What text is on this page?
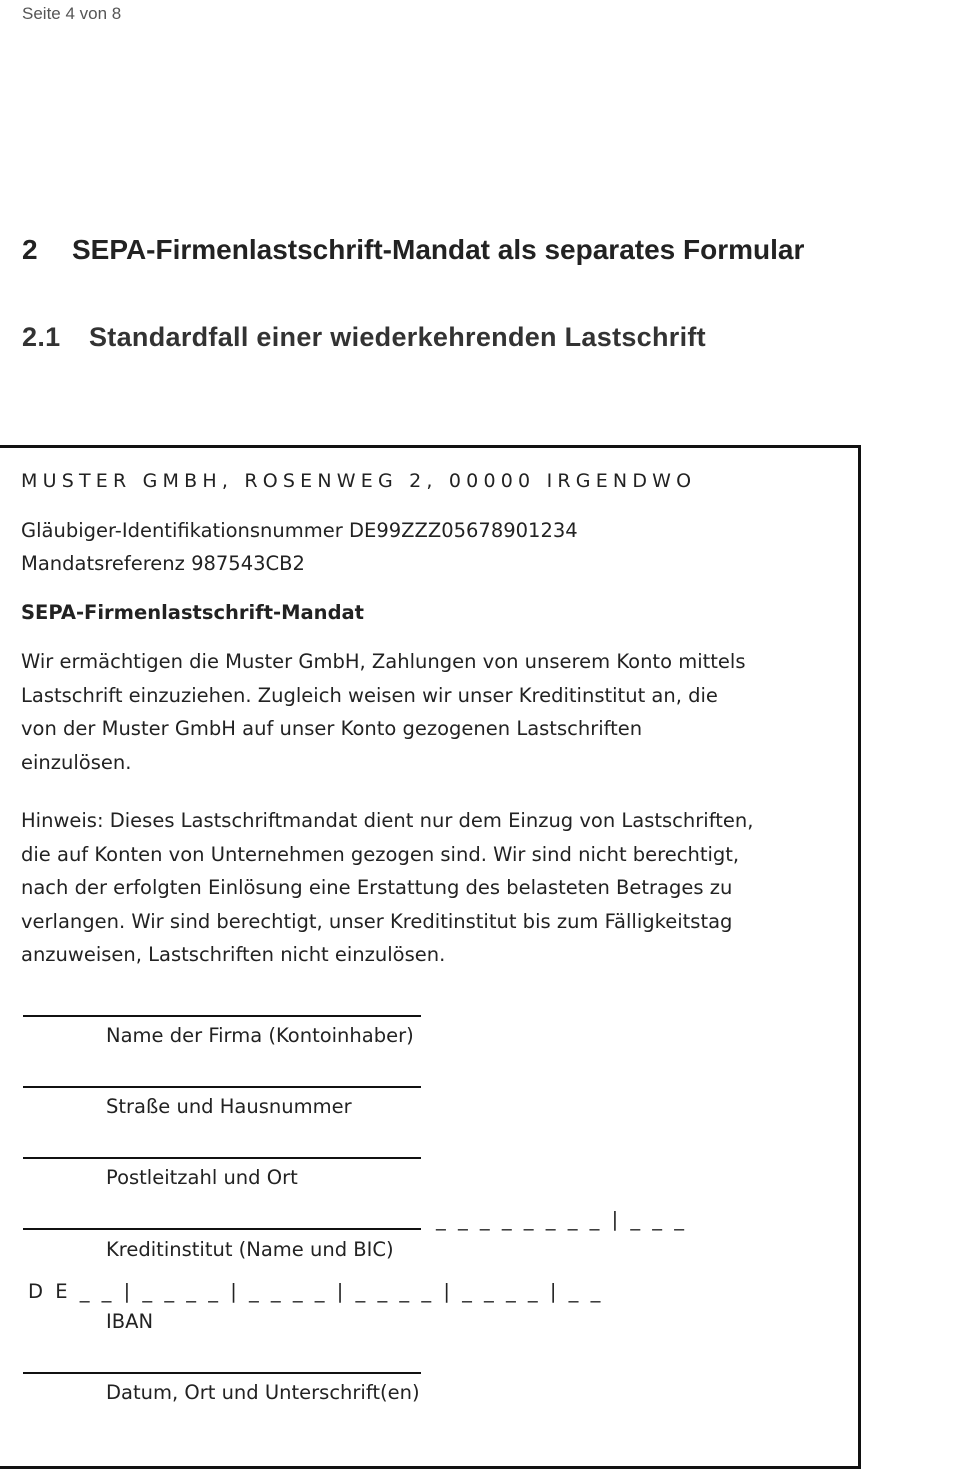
Seite 4 von 8
2 SEPA-Firmenlastschrift-Mandat als separates Formular
2.1 Standardfall einer wiederkehrenden Lastschrift
MUSTER GMBH, ROSENWEG 2, 00000 IRGENDWO
Gläubiger-Identifikationsnummer DE99ZZZ05678901234
Mandatsreferenz 987543CB2
SEPA-Firmenlastschrift-Mandat
Wir ermächtigen die Muster GmbH, Zahlungen von unserem Konto mittels
Lastschrift einzuziehen. Zugleich weisen wir unser Kreditinstitut an, die
von der Muster GmbH auf unser Konto gezogenen Lastschriften
einzulösen.
Hinweis: Dieses Lastschriftmandat dient nur dem Einzug von Lastschriften,
die auf Konten von Unternehmen gezogen sind. Wir sind nicht berechtigt,
nach der erfolgten Einlösung eine Erstattung des belasteten Betrages zu
verlangen. Wir sind berechtigt, unser Kreditinstitut bis zum Fälligkeitstag
anzuweisen, Lastschriften nicht einzulösen.
Name der Firma (Kontoinhaber)
Straße und Hausnummer
Postleitzahl und Ort
_ _ _ _ _ _ _ _ | _ _ _
Kreditinstitut (Name und BIC)
D E _ _ | _ _ _ _ | _ _ _ _ | _ _ _ _ | _ _ _ _ | _ _
IBAN
Datum, Ort und Unterschrift(en)
